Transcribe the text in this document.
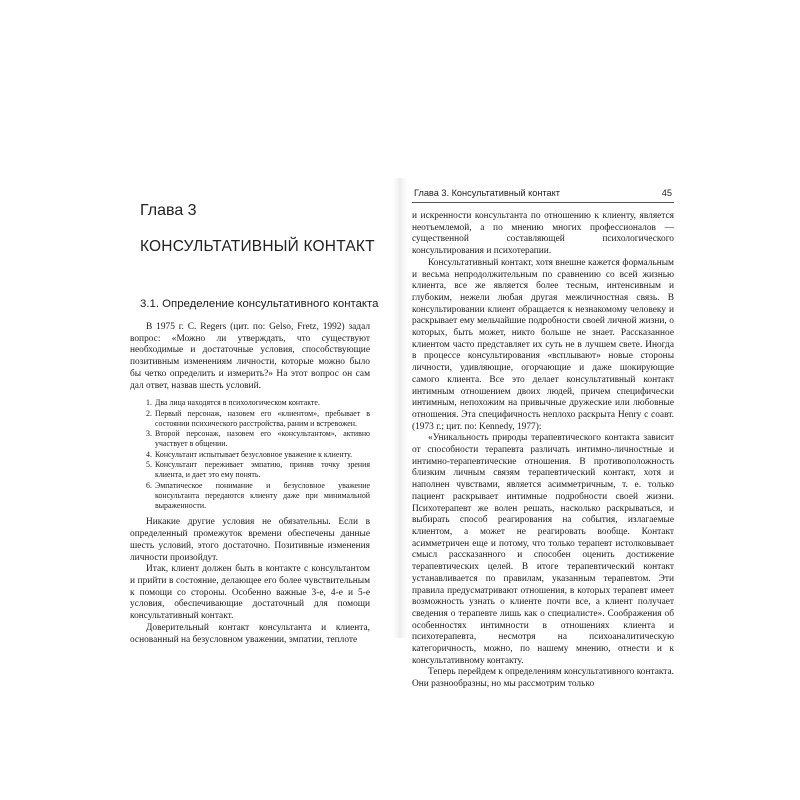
Глава 3
КОНСУЛЬТАТИВНЫЙ КОНТАКТ
3.1. Определение консультативного контакта

В 1975 г. C. Regers (цит. по: Gelso, Fretz, 1992) задал вопрос: «Можно ли утверждать, что существуют необходимые и достаточные условия, способствующие позитивным изменениям личности, которые можно было бы четко определить и измерить?» На этот вопрос он сам дал ответ, назвав шесть условий.

1. Два лица находятся в психологическом контакте.
2. Первый персонаж, назовем его «клиентом», пребывает в состоянии психического расстройства, раним и встревожен.
3. Второй персонаж, назовем его «консультантом», активно участвует в общении.
4. Консультант испытывает безусловное уважение к клиенту.
5. Консультант переживает эмпатию, приняв точку зрения клиента, и дает это ему понять.
6. Эмпатическое понимание и безусловное уважение консультанта передаются клиенту даже при минимальной выраженности.

Никакие другие условия не обязательны. Если в определенный промежуток времени обеспечены данные шесть условий, этого достаточно. Позитивные изменения личности произойдут.

Итак, клиент должен быть в контакте с консультантом и прийти в состояние, делающее его более чувствительным к помощи со стороны. Особенно важные 3-е, 4-е и 5-е условия, обеспечивающие достаточный для помощи консультативный контакт.

Доверительный контакт консультанта и клиента, основанный на безусловном уважении, эмпатии, теплоте

Глава 3. Консультативный контакт	45

и искренности консультанта по отношению к клиенту, является неотъемлемой, а по мнению многих профессионалов — существенной составляющей психологического консультирования и психотерапии.

Консультативный контакт, хотя внешне кажется формальным и весьма непродолжительным по сравнению со всей жизнью клиента, все же является более тесным, интенсивным и глубоким, нежели любая другая межличностная связь. В консультировании клиент обращается к незнакомому человеку и раскрывает ему мельчайшие подробности своей личной жизни, о которых, быть может, никто больше не знает. Рассказанное клиентом часто представляет их суть не в лучшем свете. Иногда в процессе консультирования «всплывают» новые стороны личности, удивляющие, огорчающие и даже шокирующие самого клиента. Все это делает консультативный контакт интимным отношением двоих людей, причем специфически интимным, непохожим на привычные дружеские или любовные отношения. Эта специфичность неплохо раскрыта Henry с соавт. (1973 г.; цит. по: Kennedy, 1977):

«Уникальность природы терапевтического контакта зависит от способности терапевта различать интимно-личностные и интимно-терапевтические отношения. В противоположность близким личным связям терапевтический контакт, хотя и наполнен чувствами, является асимметричным, т. е. только пациент раскрывает интимные подробности своей жизни. Психотерапевт же волен решать, насколько раскрываться, и выбирать способ реагирования на события, излагаемые клиентом, а может не реагировать вообще. Контакт асимметричен еще и потому, что только терапевт истолковывает смысл рассказанного и способен оценить достижение терапевтических целей. В итоге терапевтический контакт устанавливается по правилам, указанным терапевтом. Эти правила предусматривают отношения, в которых терапевт имеет возможность узнать о клиенте почти все, а клиент получает сведения о терапевте лишь как о специалисте». Соображения об особенностях интимности в отношениях клиента и психотерапевта, несмотря на психоаналитическую категоричность, можно, по нашему мнению, отнести и к консультативному контакту.

Теперь перейдем к определениям консультативного контакта. Они разнообразны, но мы рассмотрим только
